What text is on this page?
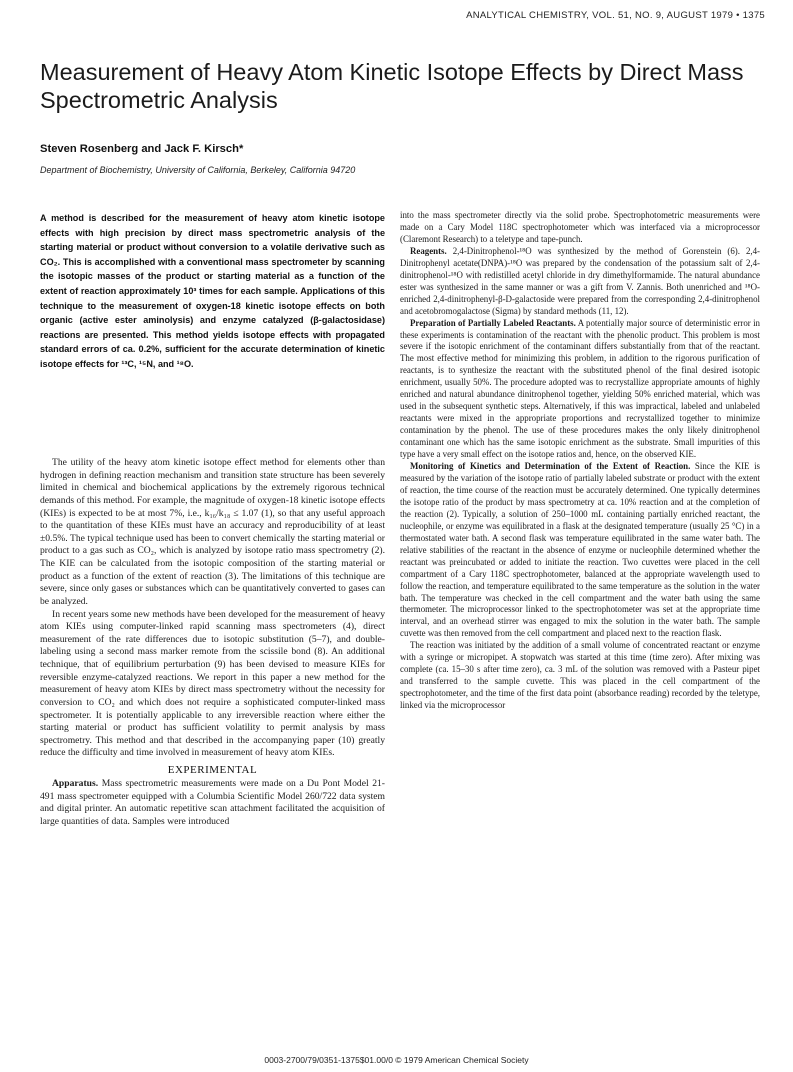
ANALYTICAL CHEMISTRY, VOL. 51, NO. 9, AUGUST 1979 • 1375
Measurement of Heavy Atom Kinetic Isotope Effects by Direct Mass Spectrometric Analysis
Steven Rosenberg and Jack F. Kirsch*
Department of Biochemistry, University of California, Berkeley, California 94720

A method is described for the measurement of heavy atom kinetic isotope effects with high precision by direct mass spectrometric analysis of the starting material or product without conversion to a volatile derivative such as CO₂. This is accomplished with a conventional mass spectrometer by scanning the isotopic masses of the product or starting material as a function of the extent of reaction approximately 10³ times for each sample. Applications of this technique to the measurement of oxygen-18 kinetic isotope effects on both organic (active ester aminolysis) and enzyme catalyzed (β-galactosidase) reactions are presented. This method yields isotope effects with propagated standard errors of ca. 0.2%, sufficient for the accurate determination of kinetic isotope effects for ¹³C, ¹⁵N, and ¹⁸O.

The utility of the heavy atom kinetic isotope effect method for elements other than hydrogen in defining reaction mechanism and transition state structure has been severely limited in chemical and biochemical applications by the extremely rigorous technical demands of this method. For example, the magnitude of oxygen-18 kinetic isotope effects (KIEs) is expected to be at most 7%, i.e., k₁₆/k₁₈ ≤ 1.07 (1), so that any useful approach to the quantitation of these KIEs must have an accuracy and reproducibility of at least ±0.5%. The typical technique used has been to convert chemically the starting material or product to a gas such as CO₂, which is analyzed by isotope ratio mass spectrometry (2). The KIE can be calculated from the isotopic composition of the starting material or product as a function of the extent of reaction (3). The limitations of this technique are severe, since only gases or substances which can be quantitatively converted to gases can be analyzed.

In recent years some new methods have been developed for the measurement of heavy atom KIEs using computer-linked rapid scanning mass spectrometers (4), direct measurement of the rate differences due to isotopic substitution (5–7), and double-labeling using a second mass marker remote from the scissile bond (8). An additional technique, that of equilibrium perturbation (9) has been devised to measure KIEs for reversible enzyme-catalyzed reactions. We report in this paper a new method for the measurement of heavy atom KIEs by direct mass spectrometry without the necessity for conversion to CO₂ and which does not require a sophisticated computer-linked mass spectrometer. It is potentially applicable to any irreversible reaction where either the starting material or product has sufficient volatility to permit analysis by mass spectrometry. This method and that described in the accompanying paper (10) greatly reduce the difficulty and time involved in measurement of heavy atom KIEs.

EXPERIMENTAL

Apparatus. Mass spectrometric measurements were made on a Du Pont Model 21-491 mass spectrometer equipped with a Columbia Scientific Model 260/722 data system and digital printer. An automatic repetitive scan attachment facilitated the acquisition of large quantities of data. Samples were introduced

into the mass spectrometer directly via the solid probe. Spectrophotometric measurements were made on a Cary Model 118C spectrophotometer which was interfaced via a microprocessor (Claremont Research) to a teletype and tape-punch.

Reagents. 2,4-Dinitrophenol-¹⁸O was synthesized by the method of Gorenstein (6). 2,4-Dinitrophenyl acetate(DNPA)-¹⁸O was prepared by the condensation of the potassium salt of 2,4-dinitrophenol-¹⁸O with redistilled acetyl chloride in dry dimethylformamide. The natural abundance ester was synthesized in the same manner or was a gift from V. Zannis. Both unenriched and ¹⁸O-enriched 2,4-dinitrophenyl-β-D-galactoside were prepared from the corresponding 2,4-dinitrophenol and acetobromogalactose (Sigma) by standard methods (11, 12).

Preparation of Partially Labeled Reactants. A potentially major source of deterministic error in these experiments is contamination of the reactant with the phenolic product. This problem is most severe if the isotopic enrichment of the contaminant differs substantially from that of the reactant. The most effective method for minimizing this problem, in addition to the rigorous purification of reactants, is to synthesize the reactant with the substituted phenol of the final desired isotopic enrichment, usually 50%. The procedure adopted was to recrystallize appropriate amounts of highly enriched and natural abundance dinitrophenol together, yielding 50% enriched material, which was used in the subsequent synthetic steps. Alternatively, if this was impractical, labeled and unlabeled reactants were mixed in the appropriate proportions and recrystallized together to minimize contamination by the phenol. The use of these procedures makes the only likely dinitrophenol contaminant one which has the same isotopic enrichment as the substrate. Small impurities of this type have a very small effect on the isotope ratios and, hence, on the observed KIE.

Monitoring of Kinetics and Determination of the Extent of Reaction. Since the KIE is measured by the variation of the isotope ratio of partially labeled substrate or product with the extent of reaction, the time course of the reaction must be accurately determined. One typically determines the isotope ratio of the product by mass spectrometry at ca. 10% reaction and at the completion of the reaction (2). Typically, a solution of 250–1000 mL containing partially enriched reactant, the nucleophile, or enzyme was equilibrated in a flask at the designated temperature (usually 25 °C) in a thermostated water bath. A second flask was temperature equilibrated in the same water bath. The relative stabilities of the reactant in the absence of enzyme or nucleophile determined whether the reactant was preincubated or added to initiate the reaction. Two cuvettes were placed in the cell compartment of a Cary 118C spectrophotometer, balanced at the appropriate wavelength used to follow the reaction, and temperature equilibrated to the same temperature as the solution in the water bath. The temperature was checked in the cell compartment and the water bath using the same thermometer. The microprocessor linked to the spectrophotometer was set at the appropriate time interval, and an overhead stirrer was engaged to mix the solution in the water bath. The sample cuvette was then removed from the cell compartment and placed next to the reaction flask.

The reaction was initiated by the addition of a small volume of concentrated reactant or enzyme with a syringe or micropipet. A stopwatch was started at this time (time zero). After mixing was complete (ca. 15–30 s after time zero), ca. 3 mL of the solution was removed with a Pasteur pipet and transferred to the sample cuvette. This was placed in the cell compartment of the spectrophotometer, and the time of the first data point (absorbance reading) recorded by the teletype, linked via the microprocessor

0003-2700/79/0351-1375$01.00/0 © 1979 American Chemical Society
